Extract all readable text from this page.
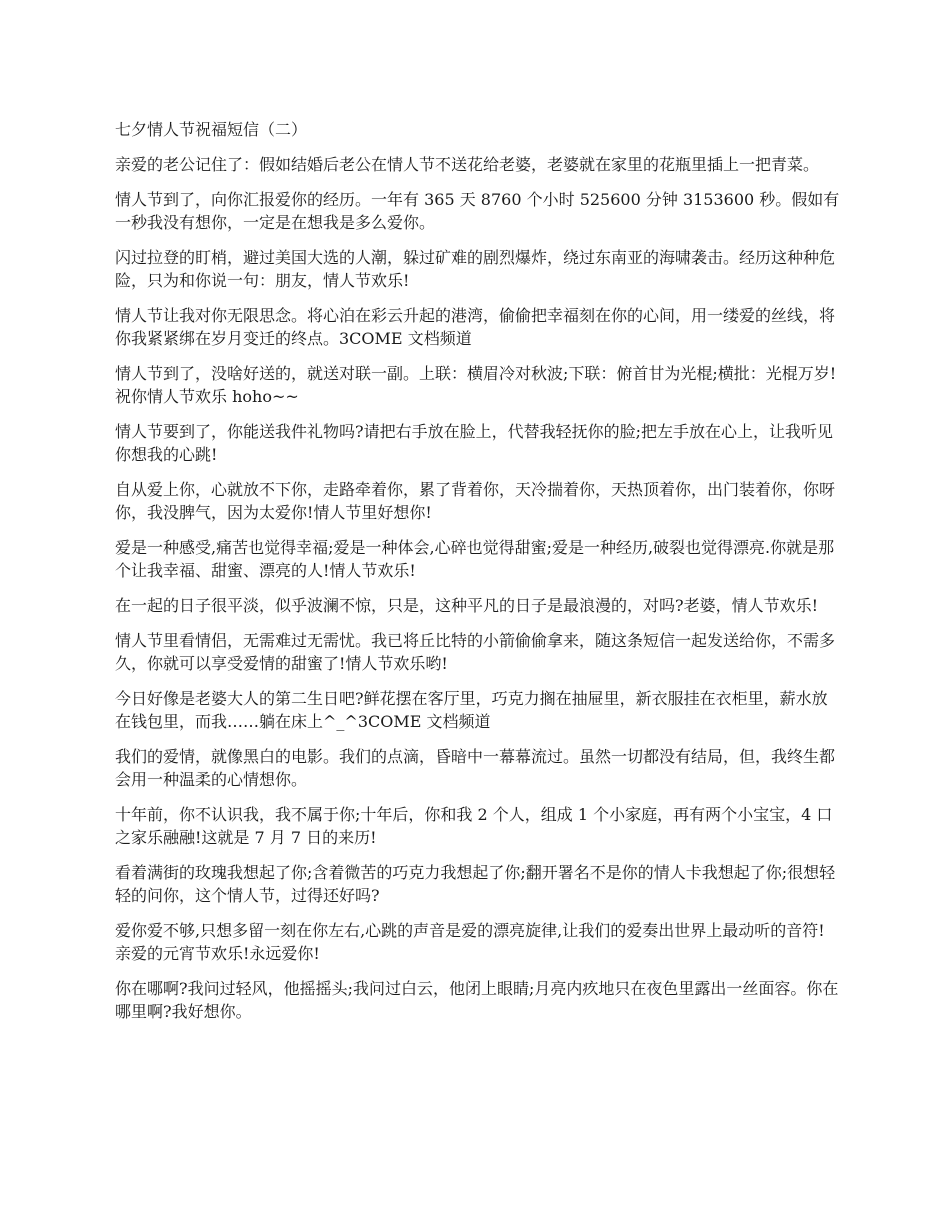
七夕情人节祝福短信（二）

亲爱的老公记住了：假如结婚后老公在情人节不送花给老婆，老婆就在家里的花瓶里插上一把青菜。

情人节到了，向你汇报爱你的经历。一年有 365 天 8760 个小时 525600 分钟 3153600 秒。假如有一秒我没有想你，一定是在想我是多么爱你。

闪过拉登的盯梢，避过美国大选的人潮，躲过矿难的剧烈爆炸，绕过东南亚的海啸袭击。经历这种种危险，只为和你说一句：朋友，情人节欢乐!

情人节让我对你无限思念。将心泊在彩云升起的港湾，偷偷把幸福刻在你的心间，用一缕爱的丝线，将你我紧紧绑在岁月变迁的终点。3COME 文档频道

情人节到了，没啥好送的，就送对联一副。上联：横眉冷对秋波;下联：俯首甘为光棍;横批：光棍万岁!祝你情人节欢乐 hoho~~

情人节要到了，你能送我件礼物吗?请把右手放在脸上，代替我轻抚你的脸;把左手放在心上，让我听见你想我的心跳!

自从爱上你，心就放不下你，走路牵着你，累了背着你，天冷揣着你，天热顶着你，出门装着你，你呀你，我没脾气，因为太爱你!情人节里好想你!

爱是一种感受,痛苦也觉得幸福;爱是一种体会,心碎也觉得甜蜜;爱是一种经历,破裂也觉得漂亮.你就是那个让我幸福、甜蜜、漂亮的人!情人节欢乐!

在一起的日子很平淡，似乎波澜不惊，只是，这种平凡的日子是最浪漫的，对吗?老婆，情人节欢乐!

情人节里看情侣，无需难过无需忧。我已将丘比特的小箭偷偷拿来，随这条短信一起发送给你，不需多久，你就可以享受爱情的甜蜜了!情人节欢乐哟!

今日好像是老婆大人的第二生日吧?鲜花摆在客厅里，巧克力搁在抽屉里，新衣服挂在衣柜里，薪水放在钱包里，而我……躺在床上^_^3COME 文档频道

我们的爱情，就像黑白的电影。我们的点滴，昏暗中一幕幕流过。虽然一切都没有结局，但，我终生都会用一种温柔的心情想你。

十年前，你不认识我，我不属于你;十年后，你和我 2 个人，组成 1 个小家庭，再有两个小宝宝，4 口之家乐融融!这就是 7 月 7 日的来历!

看着满街的玫瑰我想起了你;含着微苦的巧克力我想起了你;翻开署名不是你的情人卡我想起了你;很想轻轻的问你，这个情人节，过得还好吗?

爱你爱不够,只想多留一刻在你左右,心跳的声音是爱的漂亮旋律,让我们的爱奏出世界上最动听的音符!亲爱的元宵节欢乐!永远爱你!

你在哪啊?我问过轻风，他摇摇头;我问过白云，他闭上眼睛;月亮内疚地只在夜色里露出一丝面容。你在哪里啊?我好想你。
